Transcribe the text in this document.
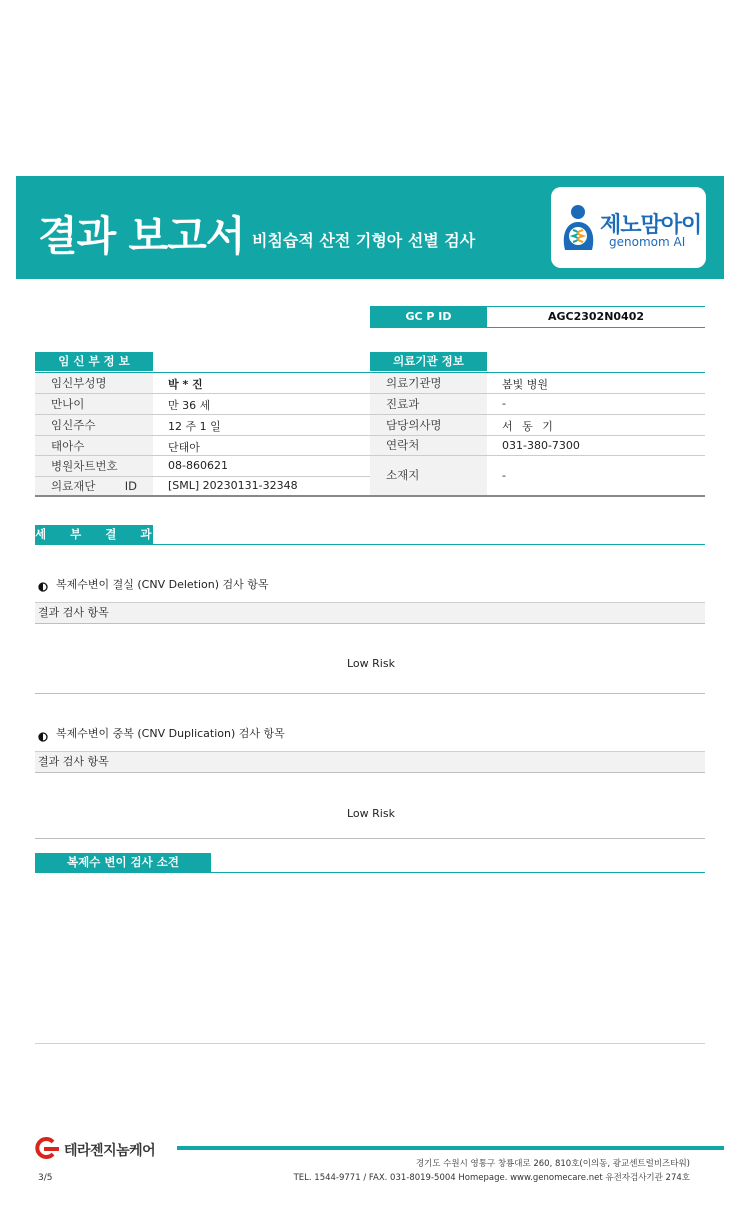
결과 보고서 비침습적 산전 기형아 선별 검사
제노맘아이
genomom AI
GC P ID	AGC2302N0402
임 신 부 정 보
임신부성명	박 * 진
만나이	만 36 세
임신주수	12 주 1 일
태아수	단태아
병원차트번호	08-860621
의료재단 ID	[SML] 20230131-32348
의료기관 정보
의료기관명	봄빛 병원
진료과	-
담당의사명	서 동 기
연락처	031-380-7300
소재지	-
세 부 결 과
복제수변이 결실 (CNV Deletion) 검사 항목
결과 검사 항목
Low Risk
복제수변이 중복 (CNV Duplication) 검사 항목
결과 검사 항목
Low Risk
복제수 변이 검사 소견
테라젠지놈케어
3/5
경기도 수원시 영통구 창룡대로 260, 810호(이의동, 광교센트럴비즈타워)
TEL. 1544-9771 / FAX. 031-8019-5004 Homepage. www.genomecare.net 유전자검사기관 274호
